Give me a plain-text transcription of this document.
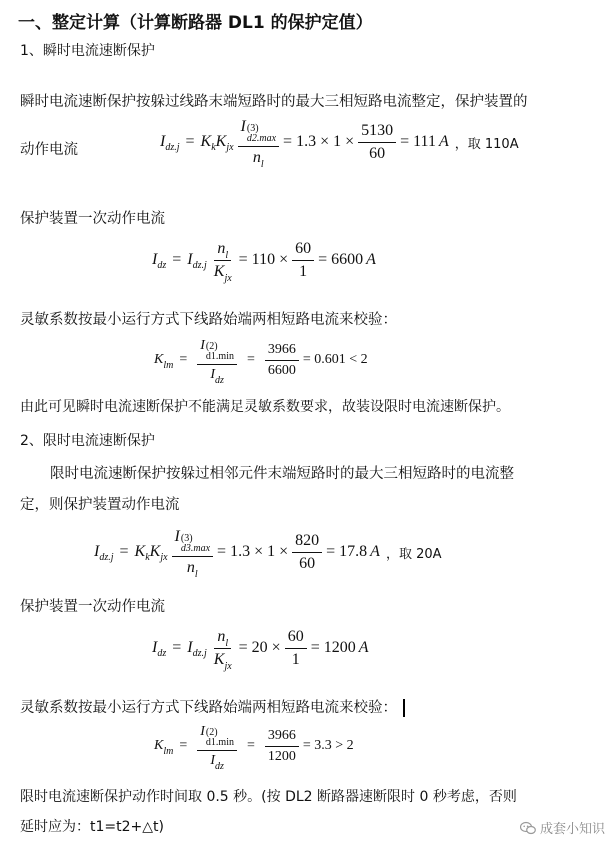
一、整定计算（计算断路器 DL1 的保护定值）
1、瞬时电流速断保护
瞬时电流速断保护按躲过线路末端短路时的最大三相短路电流整定，保护装置的
动作电流	I dz.j = K k K jx I (3)
d2.max
$n_l = 1.3 \times 1 \times \frac{5130}{60} = 111$ A ，取 110A
保护装置一次动作电流
I dz = I $dz.j \frac{n_l}{K_{jx}} = 110 \times \frac{60}{1} = 6600$ A
灵敏系数按最小运行方式下线路始端两相短路电流来校验：
K lm = I (2)
d1.min
$I_{dz} = \frac{3966}{6600} = 0.601 < 2$
由此可见瞬时电流速断保护不能满足灵敏系数要求，故装设限时电流速断保护。
2、限时电流速断保护
限时电流速断保护按躲过相邻元件末端短路时的最大三相短路时的电流整
定，则保护装置动作电流
I dz.j = K k K jx I (3)
d3.max
$n_l = 1.3 \times 1 \times \frac{820}{60} = 17.8$ A ，取 20A
保护装置一次动作电流
I dz = I $dz.j \frac{n_l}{K_{jx}} = 20 \times \frac{60}{1} = 1200$ A
灵敏系数按最小运行方式下线路始端两相短路电流来校验：
K lm = I (2)
d1.min
$I_{dz} = \frac{3966}{1200} = 3.3 > 2$
限时电流速断保护动作时间取 0.5 秒。(按 DL2 断路器速断限时 0 秒考虑，否则
延时应为：t1=t2+△t)	成套小知识
